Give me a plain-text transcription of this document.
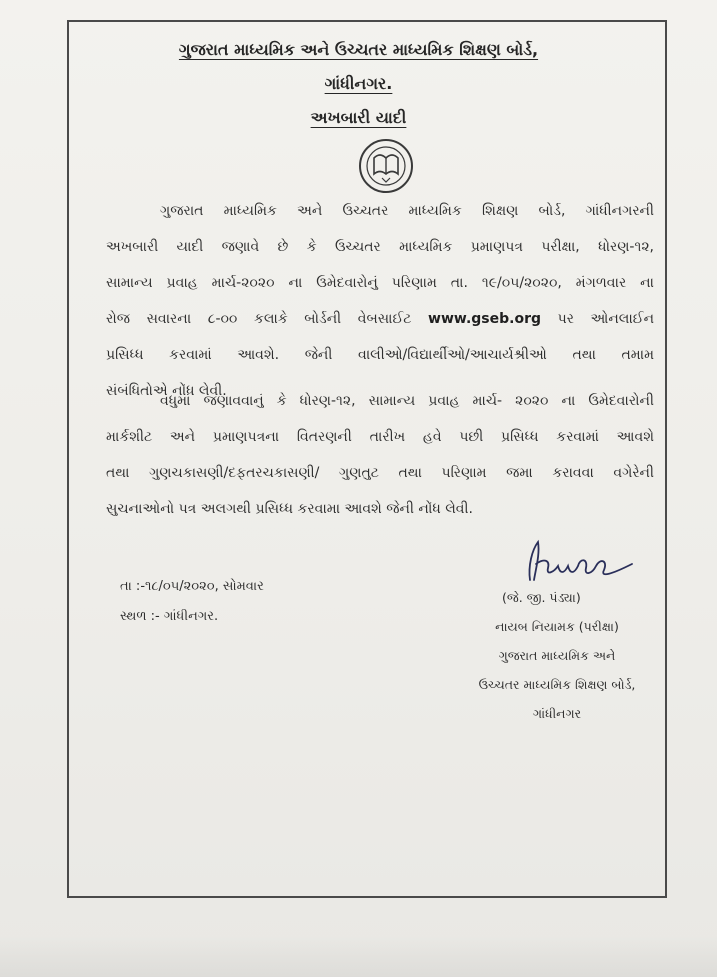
ગુજરાત માધ્યમિક અને ઉચ્ચતર માધ્યમિક શિક્ષણ બોર્ડ,
ગાંધીનગર.
અખબારી યાદી
ગુજરાત માધ્યમિક અને ઉચ્ચતર માધ્યમિક શિક્ષણ બોર્ડ, ગાંધીનગરની
અખબારી યાદી જણાવે છે કે ઉચ્ચતર માધ્યમિક પ્રમાણપત્ર પરીક્ષા, ધોરણ-૧૨,
સામાન્ય પ્રવાહ માર્ચ-૨૦૨૦ ના ઉમેદવારોનું પરિણામ તા. ૧૯/૦૫/૨૦૨૦, મંગળવાર ના
રોજ સવારના ૮-૦૦ કલાકે બોર્ડની વેબસાઈટ www.gseb.org પર ઓનલાઈન
પ્રસિધ્ધ કરવામાં આવશે. જેની વાલીઓ/વિદ્યાર્થીઓ/આચાર્યશ્રીઓ તથા તમામ
સંબંધિતોએ નોંધ લેવી.
વધુમાં જણાવવાનું કે ધોરણ-૧૨, સામાન્ય પ્રવાહ માર્ચ- ૨૦૨૦ ના ઉમેદવારોની
માર્કશીટ અને પ્રમાણપત્રના વિતરણની તારીખ હવે પછી પ્રસિધ્ધ કરવામાં આવશે
તથા ગુણચકાસણી/દફતરચકાસણી/ ગુણતુટ તથા પરિણામ જમા કરાવવા વગેરેની
સુચનાઓનો પત્ર અલગથી પ્રસિધ્ધ કરવામા આવશે જેની નોંધ લેવી.
તા :-૧૮/૦૫/૨૦૨૦, સોમવાર
સ્થળ :- ગાંધીનગર.
(જે. જી. પંડ્યા)
નાયબ નિયામક (પરીક્ષા)
ગુજરાત માધ્યમિક અને
ઉચ્ચતર માધ્યમિક શિક્ષણ બોર્ડ,
ગાંધીનગર
